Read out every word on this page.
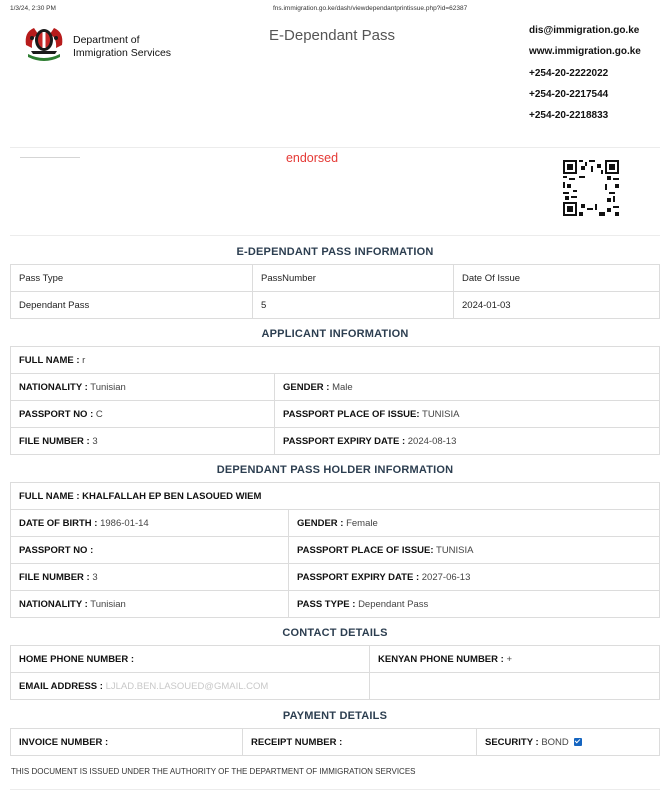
1/3/24, 2:30 PM	fns.immigration.go.ke/dash/viewdependantprintissue.php?id=62387
Department of
Immigration Services
E-Dependant Pass	dis@immigration.go.ke
www.immigration.go.ke
+254-20-2222022
+254-20-2217544
+254-20-2218833
endorsed
E-DEPENDANT PASS INFORMATION
Pass Type	PassNumber	Date Of Issue
Dependant Pass	5	2024-01-03
APPLICANT INFORMATION
FULL NAME : r	
NATIONALITY : Tunisian	GENDER : Male
PASSPORT NO : C	PASSPORT PLACE OF ISSUE: TUNISIA
FILE NUMBER : 3	PASSPORT EXPIRY DATE : 2024-08-13
DEPENDANT PASS HOLDER INFORMATION
FULL NAME : KHALFALLAH EP BEN LASOUED WIEM	
DATE OF BIRTH : 1986-01-14	GENDER : Female
PASSPORT NO :	PASSPORT PLACE OF ISSUE: TUNISIA
FILE NUMBER : 3	PASSPORT EXPIRY DATE : 2027-06-13
NATIONALITY : Tunisian	PASS TYPE : Dependant Pass
CONTACT DETAILS
HOME PHONE NUMBER :	KENYAN PHONE NUMBER : +
EMAIL ADDRESS : LJLAD.BEN.LASOUED@GMAIL.COM	
PAYMENT DETAILS
INVOICE NUMBER :	RECEIPT NUMBER :	SECURITY : BOND
THIS DOCUMENT IS ISSUED UNDER THE AUTHORITY OF THE DEPARTMENT OF IMMIGRATION SERVICES
